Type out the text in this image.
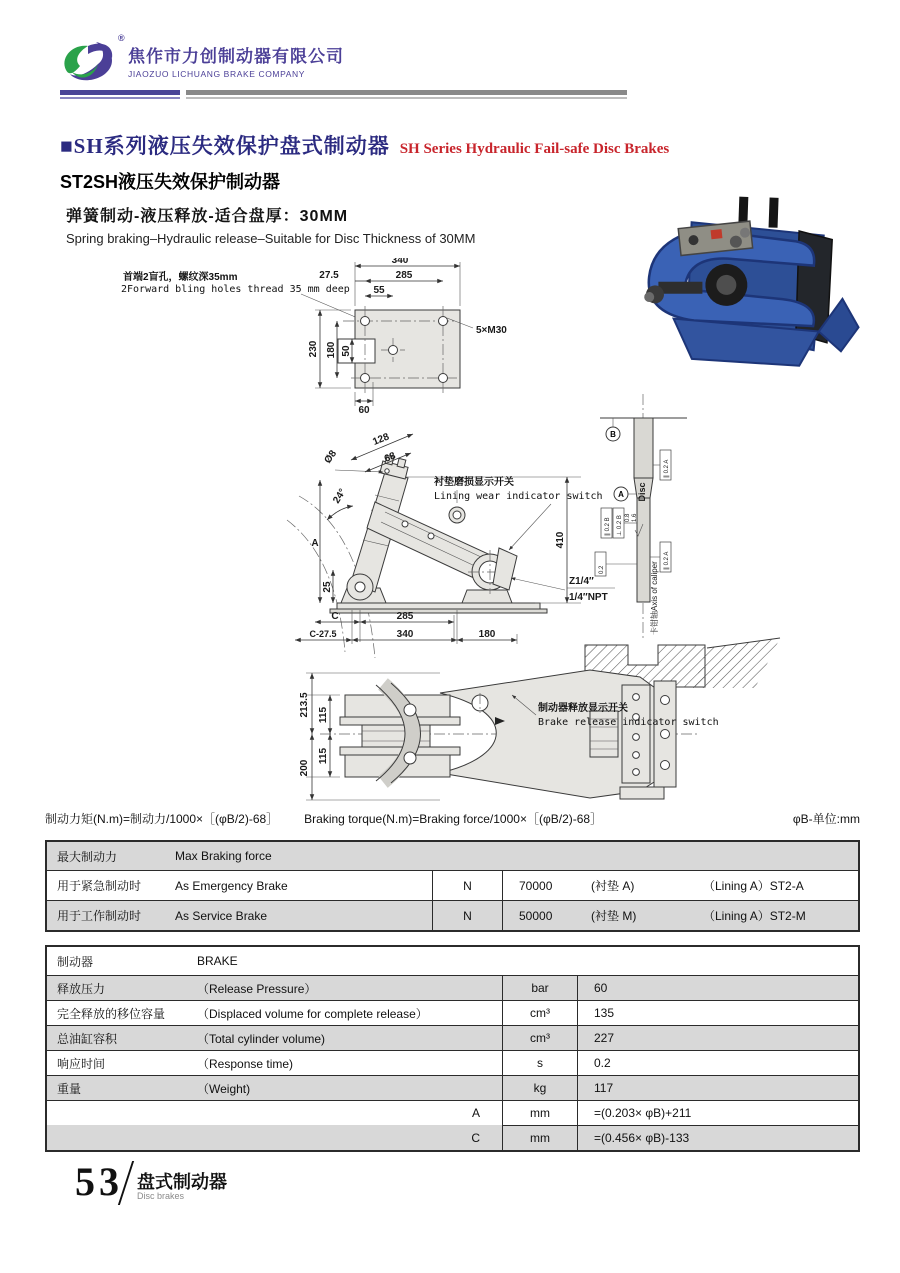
®
焦作市力创制动器有限公司
JIAOZUO LICHUANG BRAKE COMPANY
■SH系列液压失效保护盘式制动器 SH Series Hydraulic Fail-safe Disc Brakes
ST2SH液压失效保护制动器
弹簧制动-液压释放-适合盘厚：30MM
Spring braking–Hydraulic release–Suitable for Disc Thickness of 30MM
首端2盲孔，螺纹深35mm
2Forward bling holes thread 35 mm deep
340
27.5	285
55
230 180 50
60
5×M30
128
68
Ø8
24°
A
25
410
衬垫磨损显示开关
Lining wear indicator switch
Z1/4″
1/4″NPT
C	285
C-27.5	340	180
B
Disc
A
0.8 1.6
∥ 0.2 A
∥ 0.2 B ⊥ 0.2 B
0.2	∥ 0.2 A
卡钳轴Axis of caliper
213.5 115
115
200
制动器释放显示开关
Brake release indicator switch
制动力矩(N.m)=制动力/1000×［(φB/2)-68］ Braking torque(N.m)=Braking force/1000×［(φB/2)-68］	φB-单位:mm
最大制动力	Max Braking force
用于紧急制动时	As Emergency Brake	N	70000	(衬垫 A)	（Lining A）ST2-A
用于工作制动时	As Service Brake	N	50000	(衬垫 M)	（Lining A）ST2-M
制动器	BRAKE
释放压力	（Release Pressure）	bar	60
完全释放的移位容量	（Displaced volume for complete release）	cm³	135
总油缸容积	（Total cylinder volume)	cm³	227
响应时间	（Response time)	s	0.2
重量	（Weight)	kg	117
A	mm	=(0.203× φB)+211
C	mm	=(0.456× φB)-133
53 盘式制动器
Disc brakes
